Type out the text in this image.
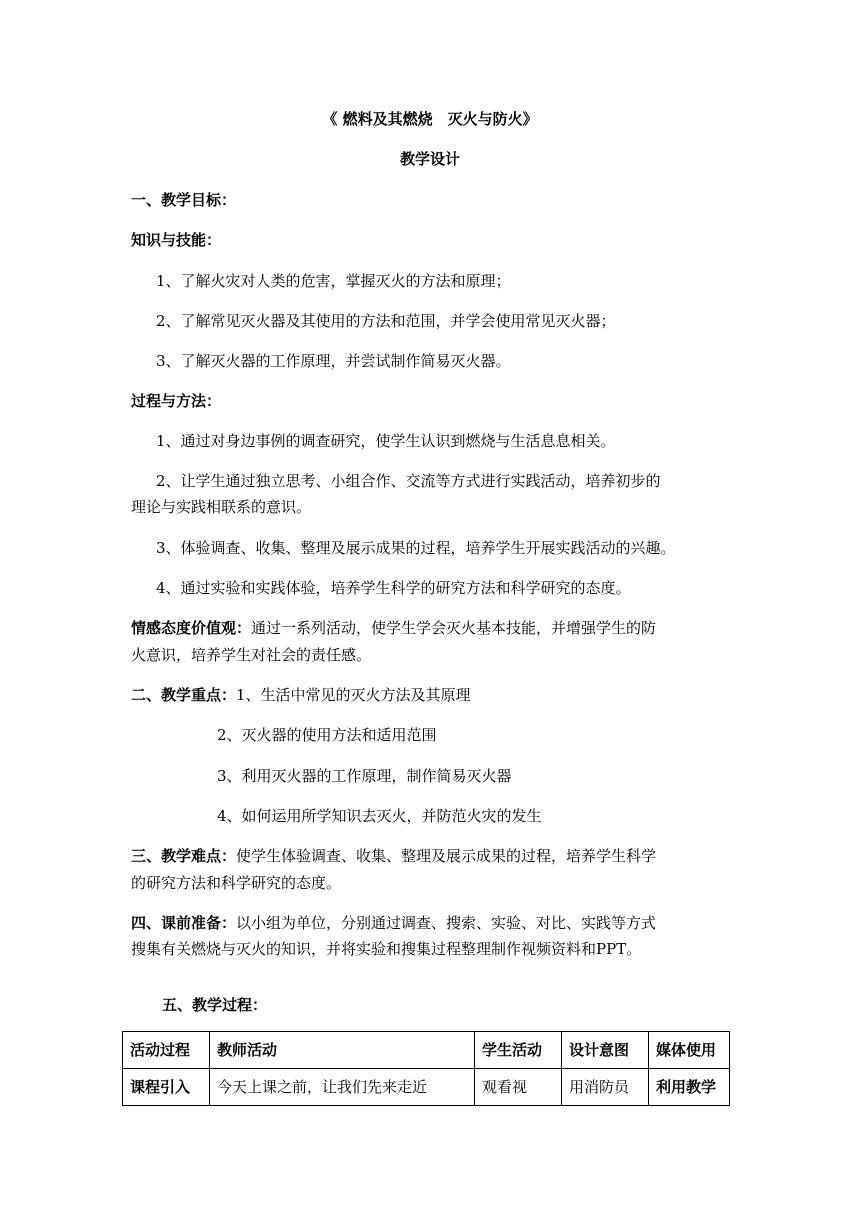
《 燃料及其燃烧　灭火与防火》
教学设计
一、教学目标：
知识与技能：
1、了解火灾对人类的危害，掌握灭火的方法和原理；
2、了解常见灭火器及其使用的方法和范围，并学会使用常见灭火器；
3、了解灭火器的工作原理，并尝试制作简易灭火器。
过程与方法：
1、通过对身边事例的调查研究，使学生认识到燃烧与生活息息相关。
2、让学生通过独立思考、小组合作、交流等方式进行实践活动，培养初步的
理论与实践相联系的意识。
3、体验调查、收集、整理及展示成果的过程，培养学生开展实践活动的兴趣。
4、通过实验和实践体验，培养学生科学的研究方法和科学研究的态度。
情感态度价值观：通过一系列活动，使学生学会灭火基本技能，并增强学生的防
火意识，培养学生对社会的责任感。
二、教学重点：1、生活中常见的灭火方法及其原理
2、灭火器的使用方法和适用范围
3、利用灭火器的工作原理，制作简易灭火器
4、如何运用所学知识去灭火，并防范火灾的发生
三、教学难点：使学生体验调查、收集、整理及展示成果的过程，培养学生科学
的研究方法和科学研究的态度。
四、课前准备：以小组为单位，分别通过调查、搜索、实验、对比、实践等方式
搜集有关燃烧与灭火的知识，并将实验和搜集过程整理制作视频资料和PPT。
五、教学过程：
活动过程	教师活动	学生活动	设计意图	媒体使用
课程引入	今天上课之前，让我们先来走近	观看视	用消防员	利用教学
